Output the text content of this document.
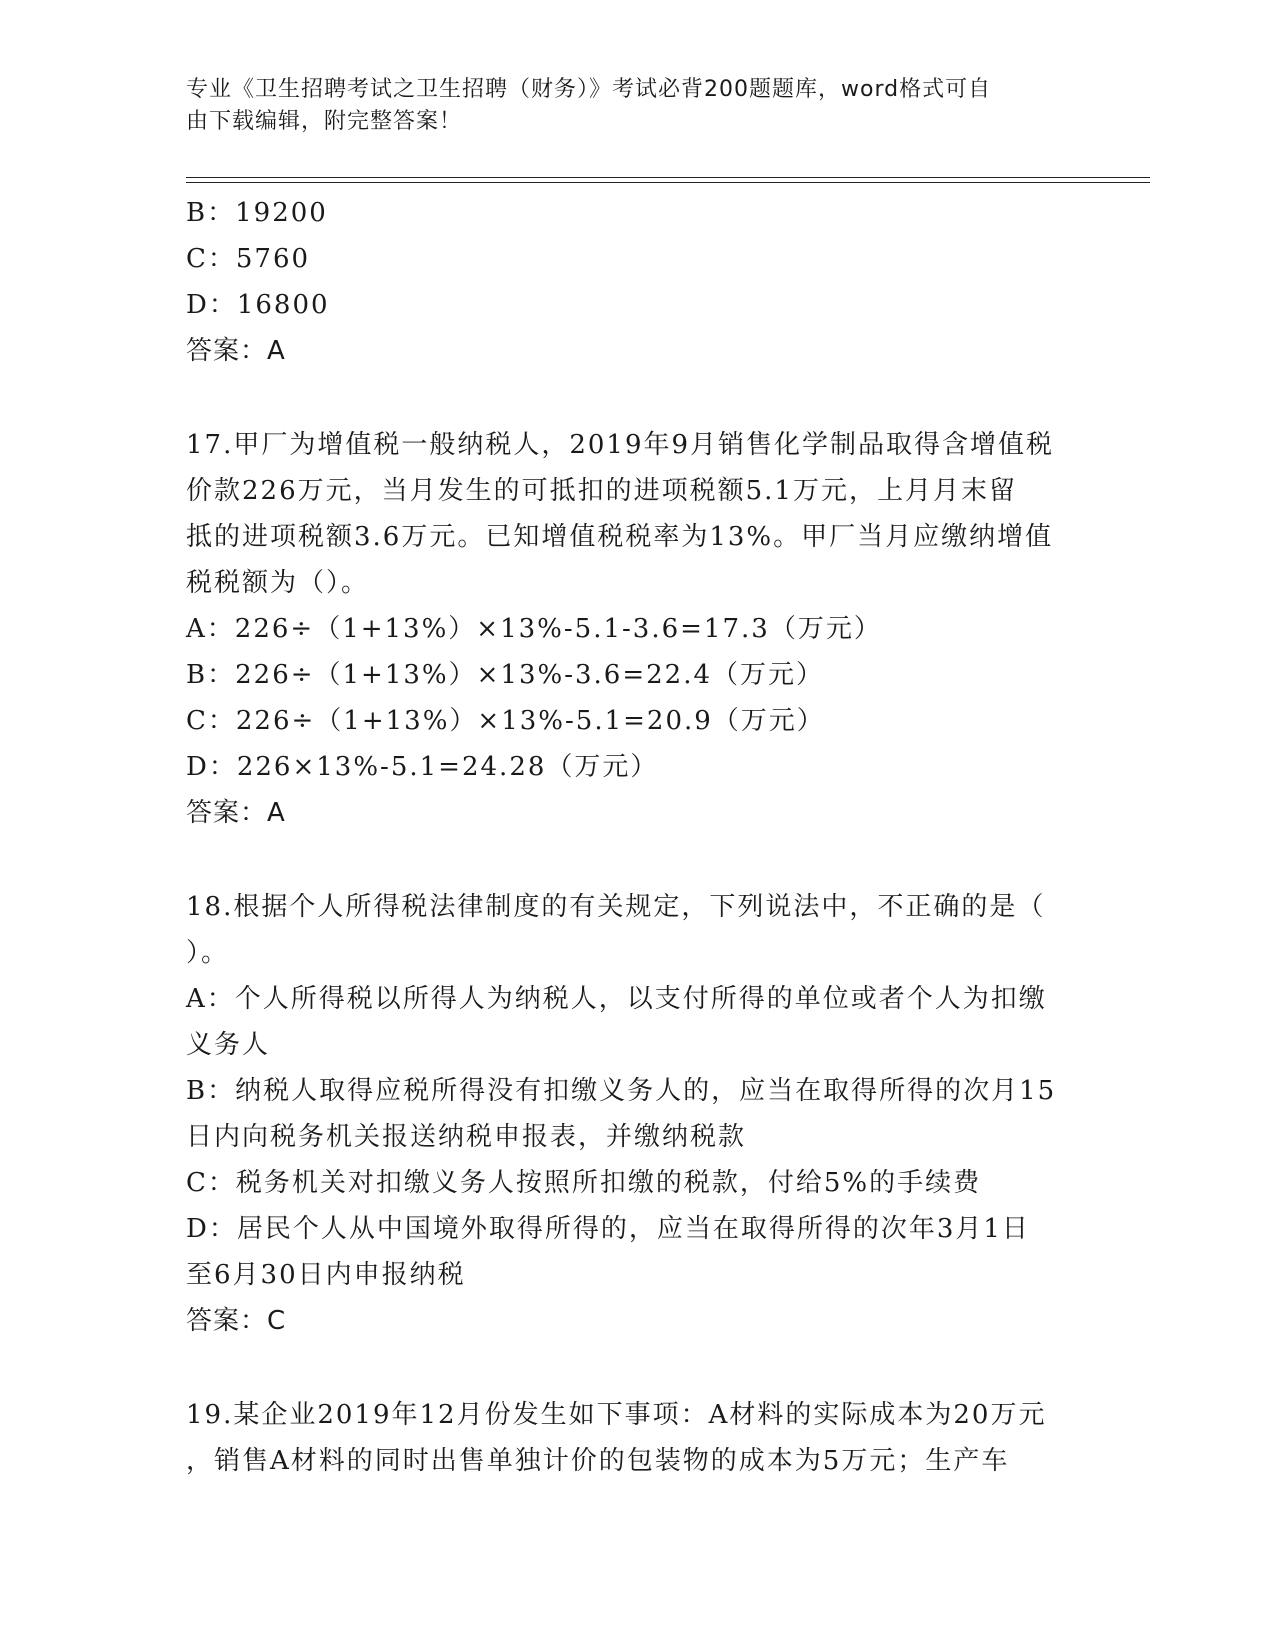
专业《卫生招聘考试之卫生招聘（财务）》考试必背200题题库，word格式可自
由下载编辑，附完整答案！
B：19200
C：5760
D：16800
答案：A
17.甲厂为增值税一般纳税人，2019年9月销售化学制品取得含增值税
价款226万元，当月发生的可抵扣的进项税额5.1万元，上月月末留
抵的进项税额3.6万元。已知增值税税率为13%。甲厂当月应缴纳增值
税税额为（）。
A：226÷（1+13%）×13%-5.1-3.6=17.3（万元）
B：226÷（1+13%）×13%-3.6=22.4（万元）
C：226÷（1+13%）×13%-5.1=20.9（万元）
D：226×13%-5.1=24.28（万元）
答案：A
18.根据个人所得税法律制度的有关规定，下列说法中，不正确的是（
）。
A：个人所得税以所得人为纳税人，以支付所得的单位或者个人为扣缴
义务人
B：纳税人取得应税所得没有扣缴义务人的，应当在取得所得的次月15
日内向税务机关报送纳税申报表，并缴纳税款
C：税务机关对扣缴义务人按照所扣缴的税款，付给5%的手续费
D：居民个人从中国境外取得所得的，应当在取得所得的次年3月1日
至6月30日内申报纳税
答案：C
19.某企业2019年12月份发生如下事项：A材料的实际成本为20万元
，销售A材料的同时出售单独计价的包装物的成本为5万元；生产车
